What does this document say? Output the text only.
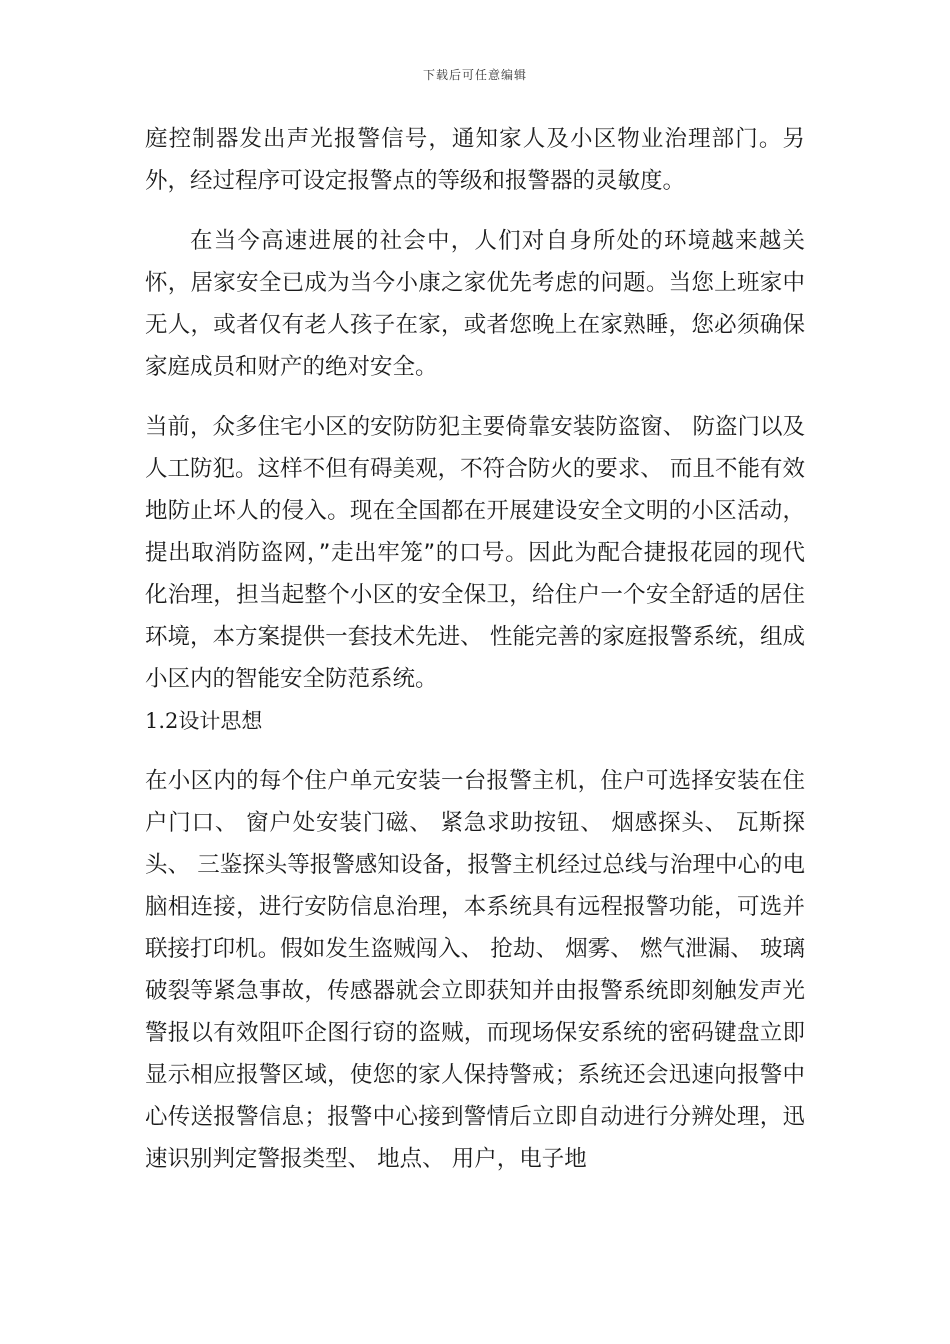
下载后可任意编辑

庭控制器发出声光报警信号，通知家人及小区物业治理部门。另外，经过程序可设定报警点的等级和报警器的灵敏度。

在当今高速进展的社会中，人们对自身所处的环境越来越关怀，居家安全已成为当今小康之家优先考虑的问题。当您上班家中无人，或者仅有老人孩子在家，或者您晚上在家熟睡，您必须确保家庭成员和财产的绝对安全。

当前，众多住宅小区的安防防犯主要倚靠安装防盗窗、 防盗门以及人工防犯。这样不但有碍美观，不符合防火的要求、 而且不能有效地防止坏人的侵入。现在全国都在开展建设安全文明的小区活动，提出取消防盗网，”走出牢笼”的口号。因此为配合捷报花园的现代化治理，担当起整个小区的安全保卫，给住户一个安全舒适的居住环境，本方案提供一套技术先进、 性能完善的家庭报警系统，组成小区内的智能安全防范系统。

1.2设计思想

在小区内的每个住户单元安装一台报警主机，住户可选择安装在住户门口、 窗户处安装门磁、 紧急求助按钮、 烟感探头、 瓦斯探头、 三鉴探头等报警感知设备，报警主机经过总线与治理中心的电脑相连接，进行安防信息治理，本系统具有远程报警功能，可选并联接打印机。假如发生盗贼闯入、 抢劫、 烟雾、 燃气泄漏、 玻璃破裂等紧急事故，传感器就会立即获知并由报警系统即刻触发声光警报以有效阻吓企图行窃的盗贼，而现场保安系统的密码键盘立即显示相应报警区域，使您的家人保持警戒；系统还会迅速向报警中心传送报警信息；报警中心接到警情后立即自动进行分辨处理，迅速识别判定警报类型、 地点、 用户，电子地
